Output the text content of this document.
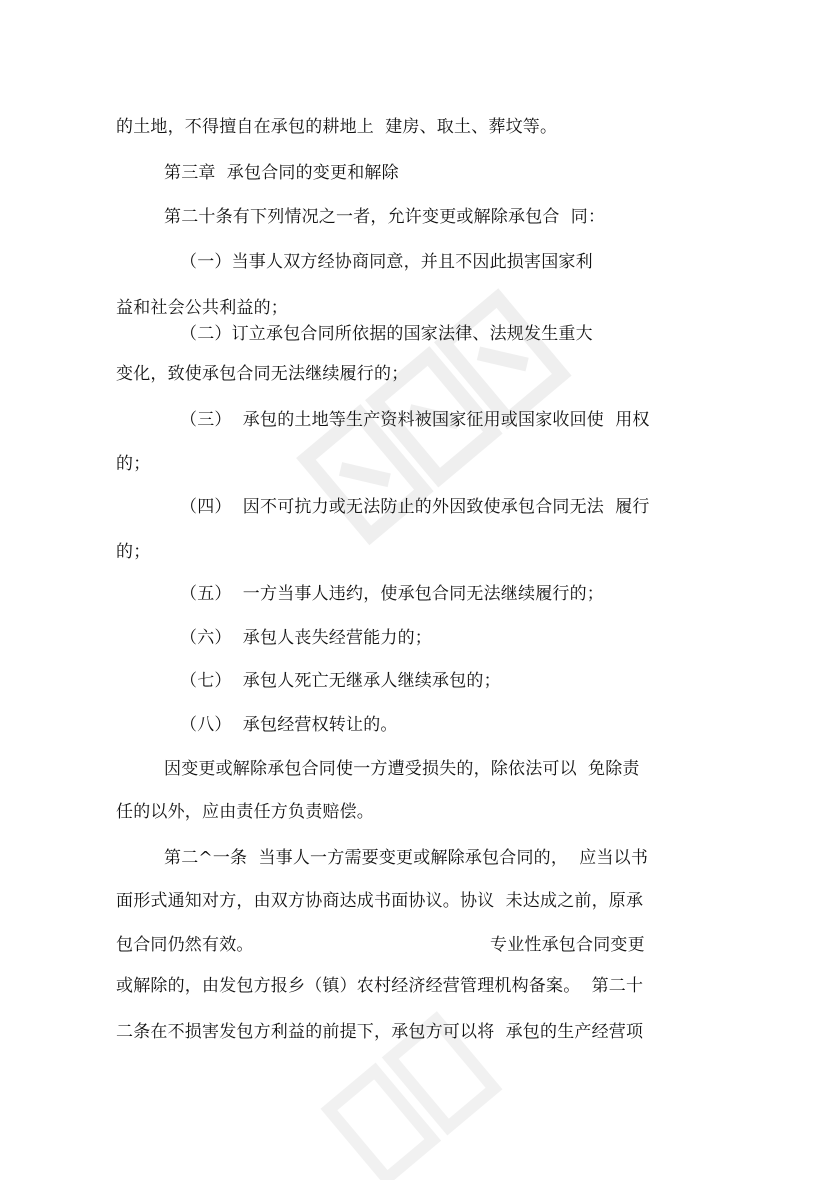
的土地，不得擅自在承包的耕地上  建房、取土、葬坟等。
第三章  承包合同的变更和解除
第二十条有下列情况之一者，允许变更或解除承包合  同：
（一）当事人双方经协商同意，并且不因此损害国家利
益和社会公共利益的；
（二）订立承包合同所依据的国家法律、法规发生重大
变化，致使承包合同无法继续履行的；
（三）  承包的土地等生产资料被国家征用或国家收回使  用权
的；
（四）  因不可抗力或无法防止的外因致使承包合同无法  履行
的；
（五）  一方当事人违约，使承包合同无法继续履行的；
（六）  承包人丧失经营能力的；
（七）  承包人死亡无继承人继续承包的；
（八）  承包经营权转让的。
因变更或解除承包合同使一方遭受损失的，除依法可以  免除责
任的以外，应由责任方负责赔偿。
第二^一条  当事人一方需要变更或解除承包合同的，  应当以书
面形式通知对方，由双方协商达成书面协议。协议  未达成之前，原承
包合同仍然有效。	专业性承包合同变更
或解除的，由发包方报乡（镇）农村经济经营管理机构备案。  第二十
二条在不损害发包方利益的前提下，承包方可以将  承包的生产经营项
